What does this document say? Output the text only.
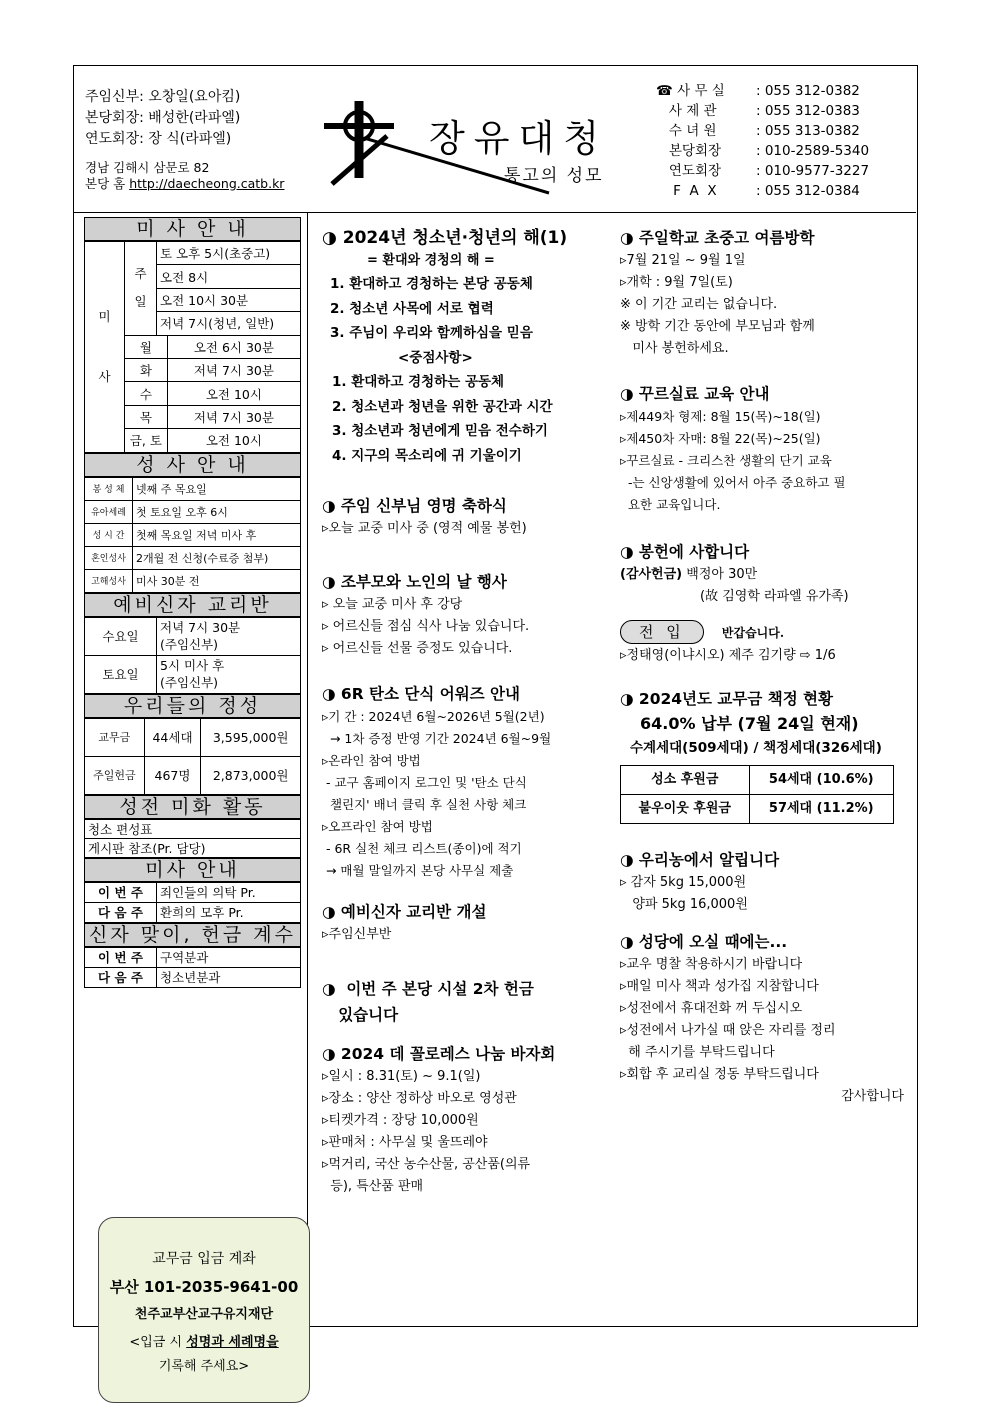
주임신부: 오창일(요아킴)
본당회장: 배성한(라파엘)
연도회장: 장 식(라파엘)
경남 김해시 삼문로 82
본당 홈 http://daecheong.catb.kr
장유대청
통고의 성모
☎ 사 무 실	: 055 312-0382
사 제 관	: 055 312-0383
수 녀 원	: 055 313-0382
본당회장	: 010-2589-5340
연도회장	: 010-9577-3227
F  A  X	: 055 312-0384
미 사 안 내
미

사	주

일	토 오후 5시(초중고)	
		오전 8시	
		오전 10시 30분	
		저녁 7시(청년, 일반)	
	월		오전 6시 30분
	화		저녁 7시 30분
	수		오전 10시
	목		저녁 7시 30분
	금, 토		오전 10시
성 사 안 내
봉 성 체	넷째 주 목요일
유아세례	첫 토요일 오후 6시
성 시 간	첫째 목요일 저녁 미사 후
혼인성사	2개월 전 신청(수료증 첨부)
고해성사	미사 30분 전
예비신자 교리반
수요일	저녁 7시 30분
(주임신부)
토요일	5시 미사 후
(주임신부)
우리들의 정성
교무금	44세대	3,595,000원
주일헌금	467명	2,873,000원
성전 미화 활동
청소 편성표
게시판 참조(Pr. 담당)
미사 안내
이 번 주	죄인들의 의탁 Pr.
다 음 주	환희의 모후 Pr.
신자 맞이, 헌금 계수
이 번 주	구역분과
다 음 주	청소년분과
교무금 입금 계좌
부산 101-2035-9641-00
천주교부산교구유지재단
<입금 시 성명과 세례명을
기록해 주세요>
◑ 2024년 청소년·청년의 해(1)
= 환대와 경청의 해 =
1. 환대하고 경청하는 본당 공동체
2. 청소년 사목에 서로 협력
3. 주님이 우리와 함께하심을 믿음
<중점사항>
1. 환대하고 경청하는 공동체
2. 청소년과 청년을 위한 공간과 시간
3. 청소년과 청년에게 믿음 전수하기
4. 지구의 목소리에 귀 기울이기
◑ 주임 신부님 영명 축하식
▹오늘 교중 미사 중 (영적 예물 봉헌)
◑ 조부모와 노인의 날 행사
▹ 오늘 교중 미사 후 강당
▹ 어르신들 점심 식사 나눔 있습니다.
▹ 어르신들 선물 증정도 있습니다.
◑ 6R 탄소 단식 어워즈 안내
▹기 간 : 2024년 6월~2026년 5월(2년)
→ 1차 증정 반영 기간 2024년 6월~9월
▹온라인 참여 방법
- 교구 홈페이지 로그인 및 '탄소 단식
챌린지' 배너 클릭 후 실천 사항 체크
▹오프라인 참여 방법
- 6R 실천 체크 리스트(종이)에 적기
→ 매월 말일까지 본당 사무실 제출
◑ 예비신자 교리반 개설
▹주임신부반
◑  이번 주 본당 시설 2차 헌금
있습니다
◑ 2024 데 꼴로레스 나눔 바자회
▹일시 : 8.31(토) ~ 9.1(일)
▹장소 : 양산 정하상 바오로 영성관
▹티켓가격 : 장당 10,000원
▹판매처 : 사무실 및 울뜨레야
▹먹거리, 국산 농수산물, 공산품(의류
등), 특산품 판매
◑ 주일학교 초중고 여름방학
▹7월 21일 ~ 9월 1일
▹개학 : 9월 7일(토)
※ 이 기간 교리는 없습니다.
※ 방학 기간 동안에 부모님과 함께
미사 봉헌하세요.
◑ 꾸르실료 교육 안내
▹제449차 형제: 8월 15(목)~18(일)
▹제450차 자매: 8월 22(목)~25(일)
▹꾸르실료 - 크리스찬 생활의 단기 교육
-는 신앙생활에 있어서 아주 중요하고 필
요한 교육입니다.
◑ 봉헌에 사합니다
(감사헌금) 백정아 30만
(故 김영학 라파엘 유가족)
전 입	반갑습니다.
▹정태영(이냐시오) 제주 김기량 ⇨ 1/6
◑ 2024년도 교무금 책정 현황
64.0% 납부 (7월 24일 현재)
수계세대(509세대) / 책정세대(326세대)
성소 후원금	54세대 (10.6%)
불우이웃 후원금	57세대 (11.2%)
◑ 우리농에서 알립니다
▹ 감자 5kg 15,000원
양파 5kg 16,000원
◑ 성당에 오실 때에는...
▹교우 명찰 착용하시기 바랍니다
▹매일 미사 책과 성가집 지참합니다
▹성전에서 휴대전화 꺼 두십시오
▹성전에서 나가실 때 앉은 자리를 정리
해 주시기를 부탁드립니다
▹회합 후 교리실 정동 부탁드립니다
감사합니다
